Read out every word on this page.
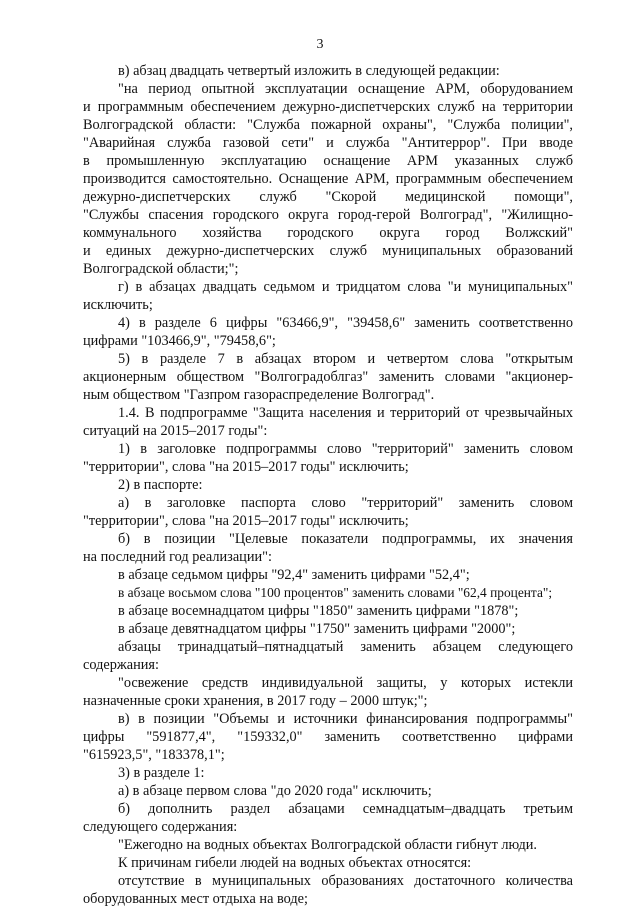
3
в) абзац двадцать четвертый изложить в следующей редакции:
"на период опытной эксплуатации оснащение АРМ, оборудованием
и программным обеспечением дежурно-диспетчерских служб на территории
Волгоградской области: "Служба пожарной охраны", "Служба полиции",
"Аварийная служба газовой сети" и служба "Антитеррор". При вводе
в промышленную эксплуатацию оснащение АРМ указанных служб
производится самостоятельно. Оснащение АРМ, программным обеспечением
дежурно-диспетчерских служб "Скорой медицинской помощи",
"Службы спасения городского округа город-герой Волгоград", "Жилищно-
коммунального хозяйства городского округа город Волжский"
и единых дежурно-диспетчерских служб муниципальных образований
Волгоградской области;";
г) в абзацах двадцать седьмом и тридцатом слова "и муниципальных"
исключить;
4) в разделе 6 цифры "63466,9", "39458,6" заменить соответственно
цифрами "103466,9", "79458,6";
5) в разделе 7 в абзацах втором и четвертом слова "открытым
акционерным обществом "Волгоградоблгаз" заменить словами "акционер-
ным обществом "Газпром газораспределение Волгоград".
1.4. В подпрограмме "Защита населения и территорий от чрезвычайных
ситуаций на 2015–2017 годы":
1) в заголовке подпрограммы слово "территорий" заменить словом
"территории", слова "на 2015–2017 годы" исключить;
2) в паспорте:
а) в заголовке паспорта слово "территорий" заменить словом
"территории", слова "на 2015–2017 годы" исключить;
б) в позиции "Целевые показатели подпрограммы, их значения
на последний год реализации":
в абзаце седьмом цифры "92,4" заменить цифрами "52,4";
в абзаце восьмом слова "100 процентов" заменить словами "62,4 процента";
в абзаце восемнадцатом цифры "1850" заменить цифрами "1878";
в абзаце девятнадцатом цифры "1750" заменить цифрами "2000";
абзацы тринадцатый–пятнадцатый заменить абзацем следующего
содержания:
"освежение средств индивидуальной защиты, у которых истекли
назначенные сроки хранения, в 2017 году – 2000 штук;";
в) в позиции "Объемы и источники финансирования подпрограммы"
цифры "591877,4", "159332,0" заменить соответственно цифрами
"615923,5", "183378,1";
3) в разделе 1:
а) в абзаце первом слова "до 2020 года" исключить;
б) дополнить раздел абзацами семнадцатым–двадцать третьим
следующего содержания:
"Ежегодно на водных объектах Волгоградской области гибнут люди.
К причинам гибели людей на водных объектах относятся:
отсутствие в муниципальных образованиях достаточного количества
оборудованных мест отдыха на воде;
